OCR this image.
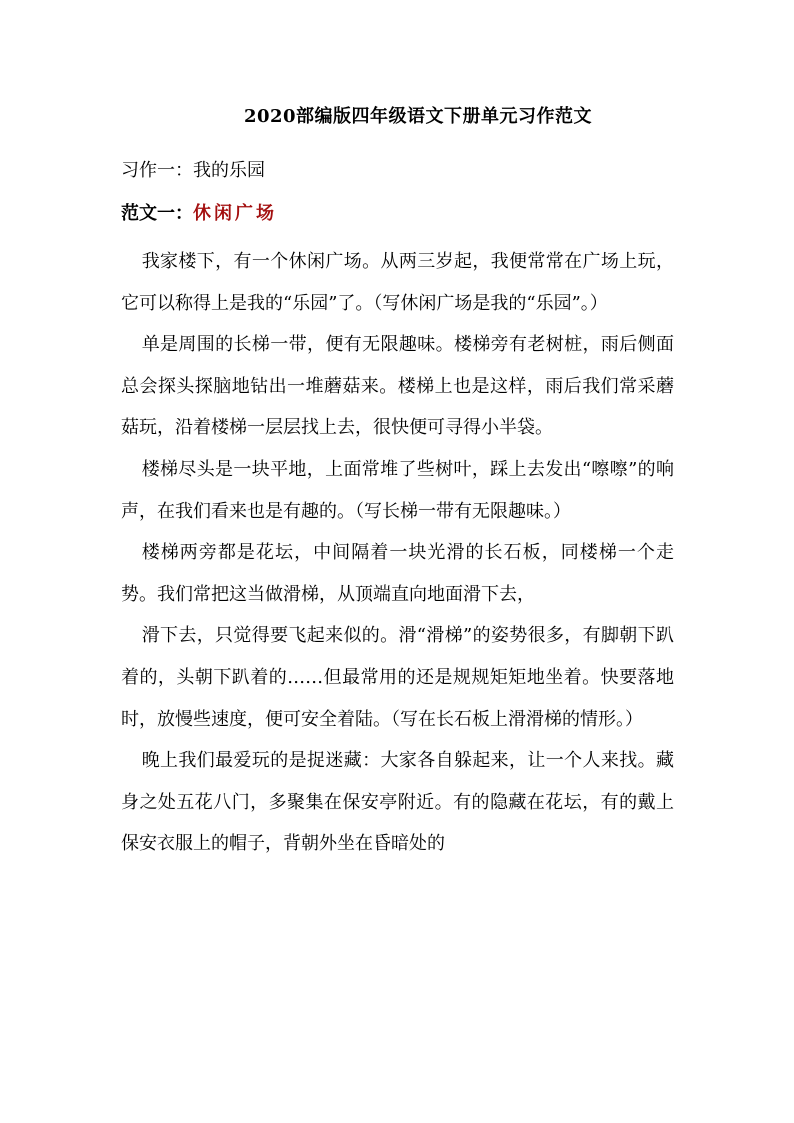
2020部编版四年级语文下册单元习作范文
习作一：我的乐园
范文一：休闲广场

我家楼下，有一个休闲广场。从两三岁起，我便常常在广场上玩，它可以称得上是我的“乐园”了。（写休闲广场是我的“乐园”。）

单是周围的长梯一带，便有无限趣味。楼梯旁有老树桩，雨后侧面总会探头探脑地钻出一堆蘑菇来。楼梯上也是这样，雨后我们常采蘑菇玩，沿着楼梯一层层找上去，很快便可寻得小半袋。

楼梯尽头是一块平地，上面常堆了些树叶，踩上去发出“嚓嚓”的响声，在我们看来也是有趣的。（写长梯一带有无限趣味。）

楼梯两旁都是花坛，中间隔着一块光滑的长石板，同楼梯一个走势。我们常把这当做滑梯，从顶端直向地面滑下去，

滑下去，只觉得要飞起来似的。滑“滑梯”的姿势很多，有脚朝下趴着的，头朝下趴着的……但最常用的还是规规矩矩地坐着。快要落地时，放慢些速度，便可安全着陆。（写在长石板上滑滑梯的情形。）

晚上我们最爱玩的是捉迷藏：大家各自躲起来，让一个人来找。藏身之处五花八门，多聚集在保安亭附近。有的隐藏在花坛，有的戴上保安衣服上的帽子，背朝外坐在昏暗处的
